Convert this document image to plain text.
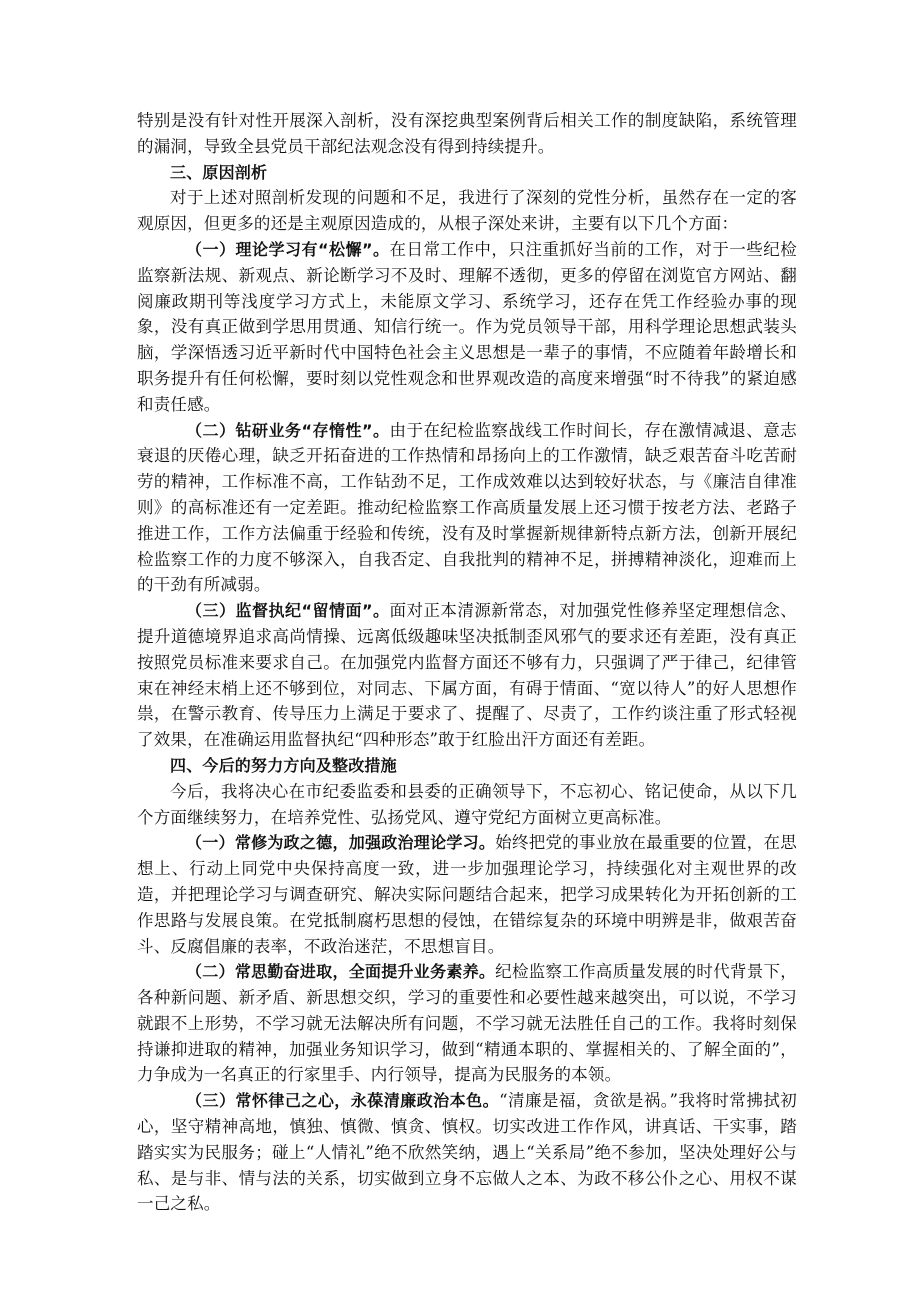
特别是没有针对性开展深入剖析，没有深挖典型案例背后相关工作的制度缺陷，系统管理的漏洞，导致全县党员干部纪法观念没有得到持续提升。

三、原因剖析

对于上述对照剖析发现的问题和不足，我进行了深刻的党性分析，虽然存在一定的客观原因，但更多的还是主观原因造成的，从根子深处来讲，主要有以下几个方面：

（一）理论学习有“松懈”。在日常工作中，只注重抓好当前的工作，对于一些纪检监察新法规、新观点、新论断学习不及时、理解不透彻，更多的停留在浏览官方网站、翻阅廉政期刊等浅度学习方式上，未能原文学习、系统学习，还存在凭工作经验办事的现象，没有真正做到学思用贯通、知信行统一。作为党员领导干部，用科学理论思想武装头脑，学深悟透习近平新时代中国特色社会主义思想是一辈子的事情，不应随着年龄增长和职务提升有任何松懈，要时刻以党性观念和世界观改造的高度来增强“时不待我”的紧迫感和责任感。

（二）钻研业务“存惰性”。由于在纪检监察战线工作时间长，存在激情减退、意志衰退的厌倦心理，缺乏开拓奋进的工作热情和昂扬向上的工作激情，缺乏艰苦奋斗吃苦耐劳的精神，工作标准不高，工作钻劲不足，工作成效难以达到较好状态，与《廉洁自律准则》的高标准还有一定差距。推动纪检监察工作高质量发展上还习惯于按老方法、老路子推进工作，工作方法偏重于经验和传统，没有及时掌握新规律新特点新方法，创新开展纪检监察工作的力度不够深入，自我否定、自我批判的精神不足，拼搏精神淡化，迎难而上的干劲有所减弱。

（三）监督执纪“留情面”。面对正本清源新常态，对加强党性修养坚定理想信念、提升道德境界追求高尚情操、远离低级趣味坚决抵制歪风邪气的要求还有差距，没有真正按照党员标准来要求自己。在加强党内监督方面还不够有力，只强调了严于律己，纪律管束在神经末梢上还不够到位，对同志、下属方面，有碍于情面、“宽以待人”的好人思想作祟，在警示教育、传导压力上满足于要求了、提醒了、尽责了，工作约谈注重了形式轻视了效果，在准确运用监督执纪“四种形态”敢于红脸出汗方面还有差距。

四、今后的努力方向及整改措施

今后，我将决心在市纪委监委和县委的正确领导下，不忘初心、铭记使命，从以下几个方面继续努力，在培养党性、弘扬党风、遵守党纪方面树立更高标准。

（一）常修为政之德，加强政治理论学习。始终把党的事业放在最重要的位置，在思想上、行动上同党中央保持高度一致，进一步加强理论学习，持续强化对主观世界的改造，并把理论学习与调查研究、解决实际问题结合起来，把学习成果转化为开拓创新的工作思路与发展良策。在党抵制腐朽思想的侵蚀，在错综复杂的环境中明辨是非，做艰苦奋斗、反腐倡廉的表率，不政治迷茫，不思想盲目。

（二）常思勤奋进取，全面提升业务素养。纪检监察工作高质量发展的时代背景下，各种新问题、新矛盾、新思想交织，学习的重要性和必要性越来越突出，可以说，不学习就跟不上形势，不学习就无法解决所有问题，不学习就无法胜任自己的工作。我将时刻保持谦抑进取的精神，加强业务知识学习，做到“精通本职的、掌握相关的、了解全面的”，力争成为一名真正的行家里手、内行领导，提高为民服务的本领。

（三）常怀律己之心，永葆清廉政治本色。“清廉是福，贪欲是祸。”我将时常拂拭初心，坚守精神高地，慎独、慎微、慎贪、慎权。切实改进工作作风，讲真话、干实事，踏踏实实为民服务；碰上“人情礼”绝不欣然笑纳，遇上“关系局”绝不参加，坚决处理好公与私、是与非、情与法的关系，切实做到立身不忘做人之本、为政不移公仆之心、用权不谋一己之私。
